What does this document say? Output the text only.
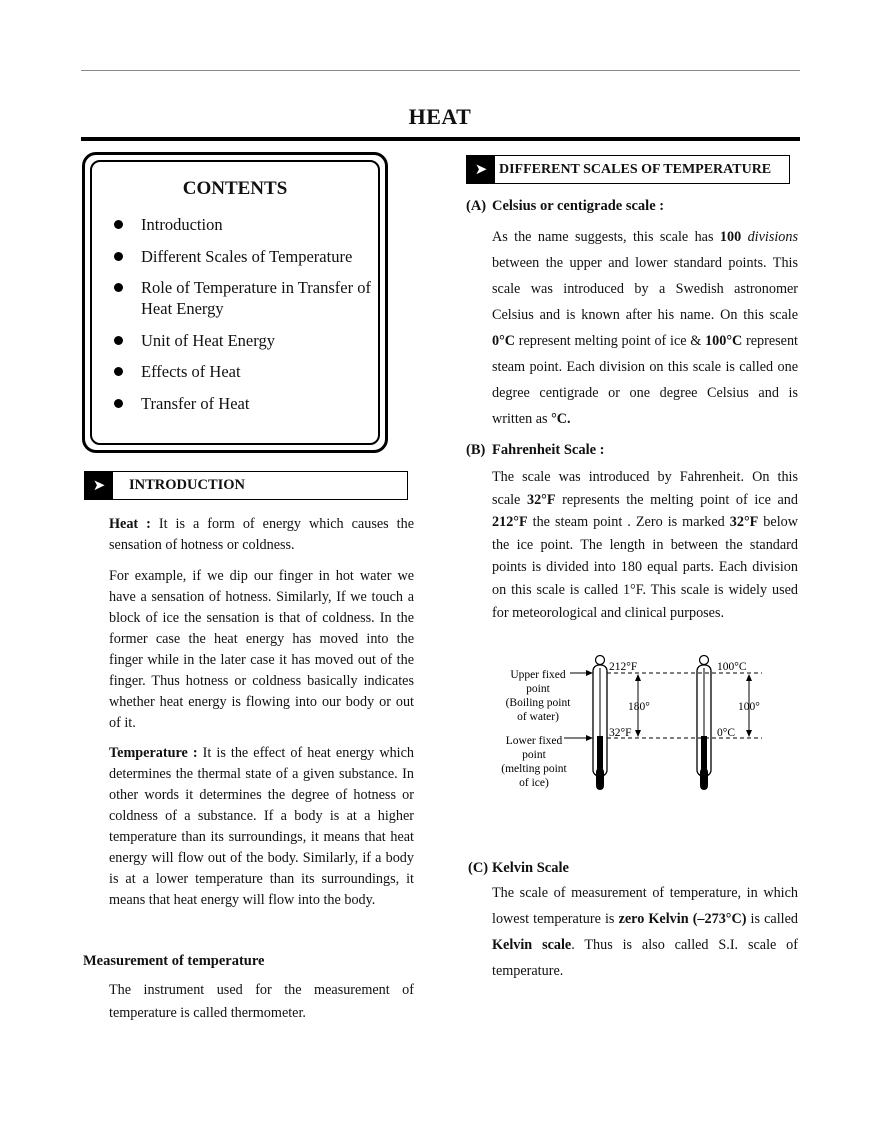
HEAT
CONTENTS
Introduction
Different Scales of Temperature
Role of Temperature in Transfer of Heat Energy
Unit of Heat Energy
Effects of Heat
Transfer of Heat
➤	INTRODUCTION

Heat : It is a form of energy which causes the sensation of hotness or coldness.

For example, if we dip our finger in hot water we have a sensation of hotness. Similarly, If we touch a block of ice the sensation is that of coldness. In the former case the heat energy has moved into the finger while in the later case it has moved out of the finger. Thus hotness or coldness basically indicates whether heat energy is flowing into our body or out of it.

Temperature : It is the effect of heat energy which determines the thermal state of a given substance. In other words it determines the degree of hotness or coldness of a substance. If a body is at a higher temperature than its surroundings, it means that heat energy will flow out of the body. Similarly, if a body is at a lower temperature than its surroundings, it means that heat energy will flow into the body.

Measurement of temperature

The instrument used for the measurement of temperature is called thermometer.

➤ DIFFERENT SCALES OF TEMPERATURE
(A) Celsius or centigrade scale :

As the name suggests, this scale has 100 divisions between the upper and lower standard points. This scale was introduced by a Swedish astronomer Celsius and is known after his name. On this scale 0°C represent melting point of ice & 100°C represent steam point. Each division on this scale is called one degree centigrade or one degree Celsius and is written as °C.

(B) Fahrenheit Scale :

The scale was introduced by Fahrenheit. On this scale 32°F represents the melting point of ice and 212°F the steam point . Zero is marked 32°F below the ice point. The length in between the standard points is divided into 180 equal parts. Each division on this scale is called 1°F. This scale is widely used for meteorological and clinical purposes.

Upper fixed
point
(Boiling point
of water)
Lower fixed
point
(melting point
of ice)
212°F
32°F
180°
100°C
0°C
100°
(C) Kelvin Scale

The scale of measurement of temperature, in which lowest temperature is zero Kelvin (–273°C) is called Kelvin scale. Thus is also called S.I. scale of temperature.
